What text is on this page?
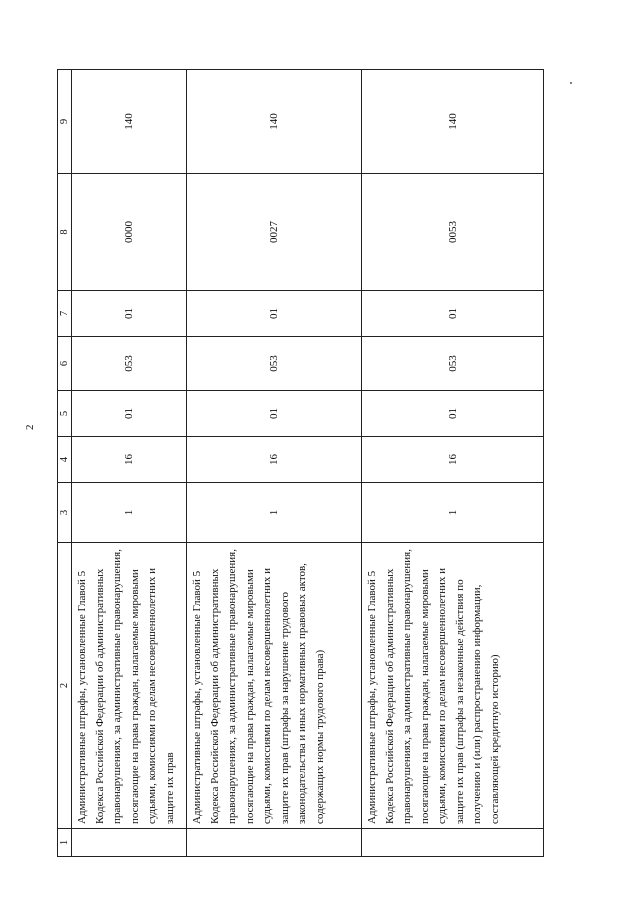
2
1	2	3	4	5	6	7	8	9
	Административные штрафы, установленные Главой 5 Кодекса Российской Федерации об административных правонарушениях, за административные правонарушения, посягающие на права граждан, налагаемые мировыми судьями, комиссиями по делам несовершеннолетних и защите их прав	1	16	01	053	01	0000	140
	Административные штрафы, установленные Главой 5 Кодекса Российской Федерации об административных правонарушениях, за административные правонарушения, посягающие на права граждан, налагаемые мировыми судьями, комиссиями по делам несовершеннолетних и защите их прав (штрафы за нарушение трудового законодательства и иных нормативных правовых актов, содержащих нормы трудового права)	1	16	01	053	01	0027	140
	Административные штрафы, установленные Главой 5 Кодекса Российской Федерации об административных правонарушениях, за административные правонарушения, посягающие на права граждан, налагаемые мировыми судьями, комиссиями по делам несовершеннолетних и защите их прав (штрафы за незаконные действия по получению и (или) распространению информации, составляющей кредитную историю)	1	16	01	053	01	0053	140
